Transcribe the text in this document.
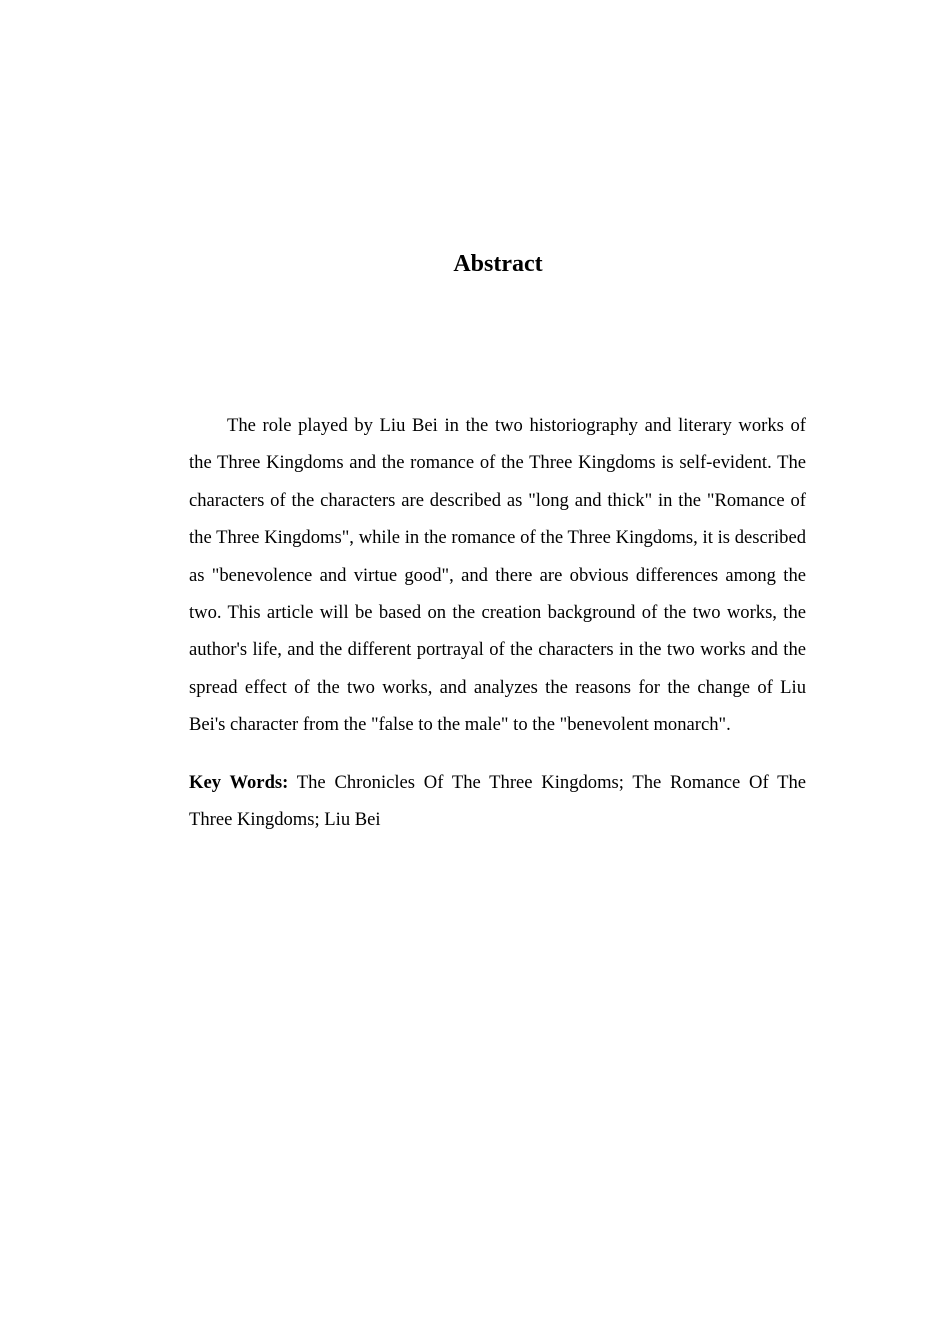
Abstract

The role played by Liu Bei in the two historiography and literary works of the Three Kingdoms and the romance of the Three Kingdoms is self-evident. The characters of the characters are described as "long and thick" in the "Romance of the Three Kingdoms", while in the romance of the Three Kingdoms, it is described as "benevolence and virtue good", and there are obvious differences among the two. This article will be based on the creation background of the two works, the author's life, and the different portrayal of the characters in the two works and the spread effect of the two works, and analyzes the reasons for the change of Liu Bei's character from the "false to the male" to the "benevolent monarch".

Key Words: The Chronicles Of The Three Kingdoms; The Romance Of The Three Kingdoms; Liu Bei
